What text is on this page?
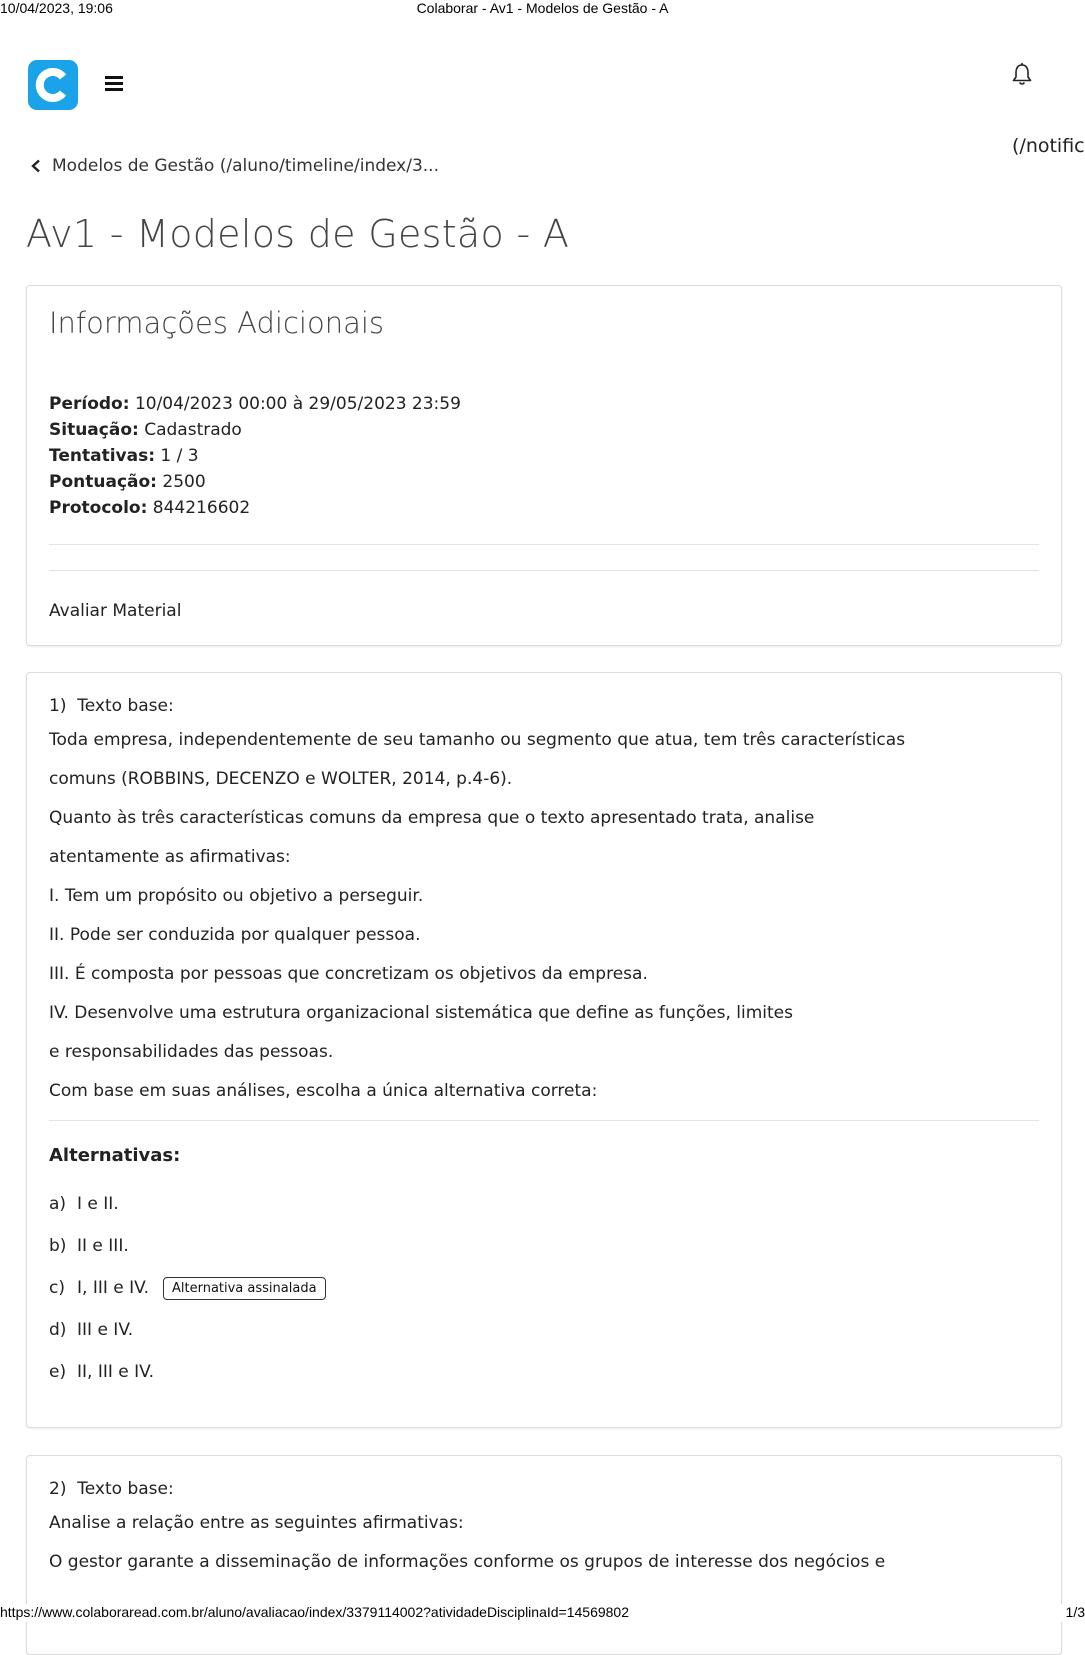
10/04/2023, 19:06	Colaborar - Av1 - Modelos de Gestão - A
(/notific
Modelos de Gestão (/aluno/timeline/index/3...
Av1 - Modelos de Gestão - A
Informações Adicionais
Período: 10/04/2023 00:00 à 29/05/2023 23:59
Situação: Cadastrado
Tentativas: 1 / 3
Pontuação: 2500
Protocolo: 844216602
Avaliar Material
1) Texto base:

Toda empresa, independentemente de seu tamanho ou segmento que atua, tem três características

comuns (ROBBINS, DECENZO e WOLTER, 2014, p.4-6).

Quanto às três características comuns da empresa que o texto apresentado trata, analise

atentamente as afirmativas:

I. Tem um propósito ou objetivo a perseguir.

II. Pode ser conduzida por qualquer pessoa.

III. É composta por pessoas que concretizam os objetivos da empresa.

IV. Desenvolve uma estrutura organizacional sistemática que define as funções, limites

e responsabilidades das pessoas.

Com base em suas análises, escolha a única alternativa correta:

Alternativas:
a) I e II.
b) II e III.
c) I, III e IV.	Alternativa assinalada
d) III e IV.
e) II, III e IV.
2) Texto base:

Analise a relação entre as seguintes afirmativas:

O gestor garante a disseminação de informações conforme os grupos de interesse dos negócios e

https://www.colaboraread.com.br/aluno/avaliacao/index/3379114002?atividadeDisciplinaId=14569802	1/3
